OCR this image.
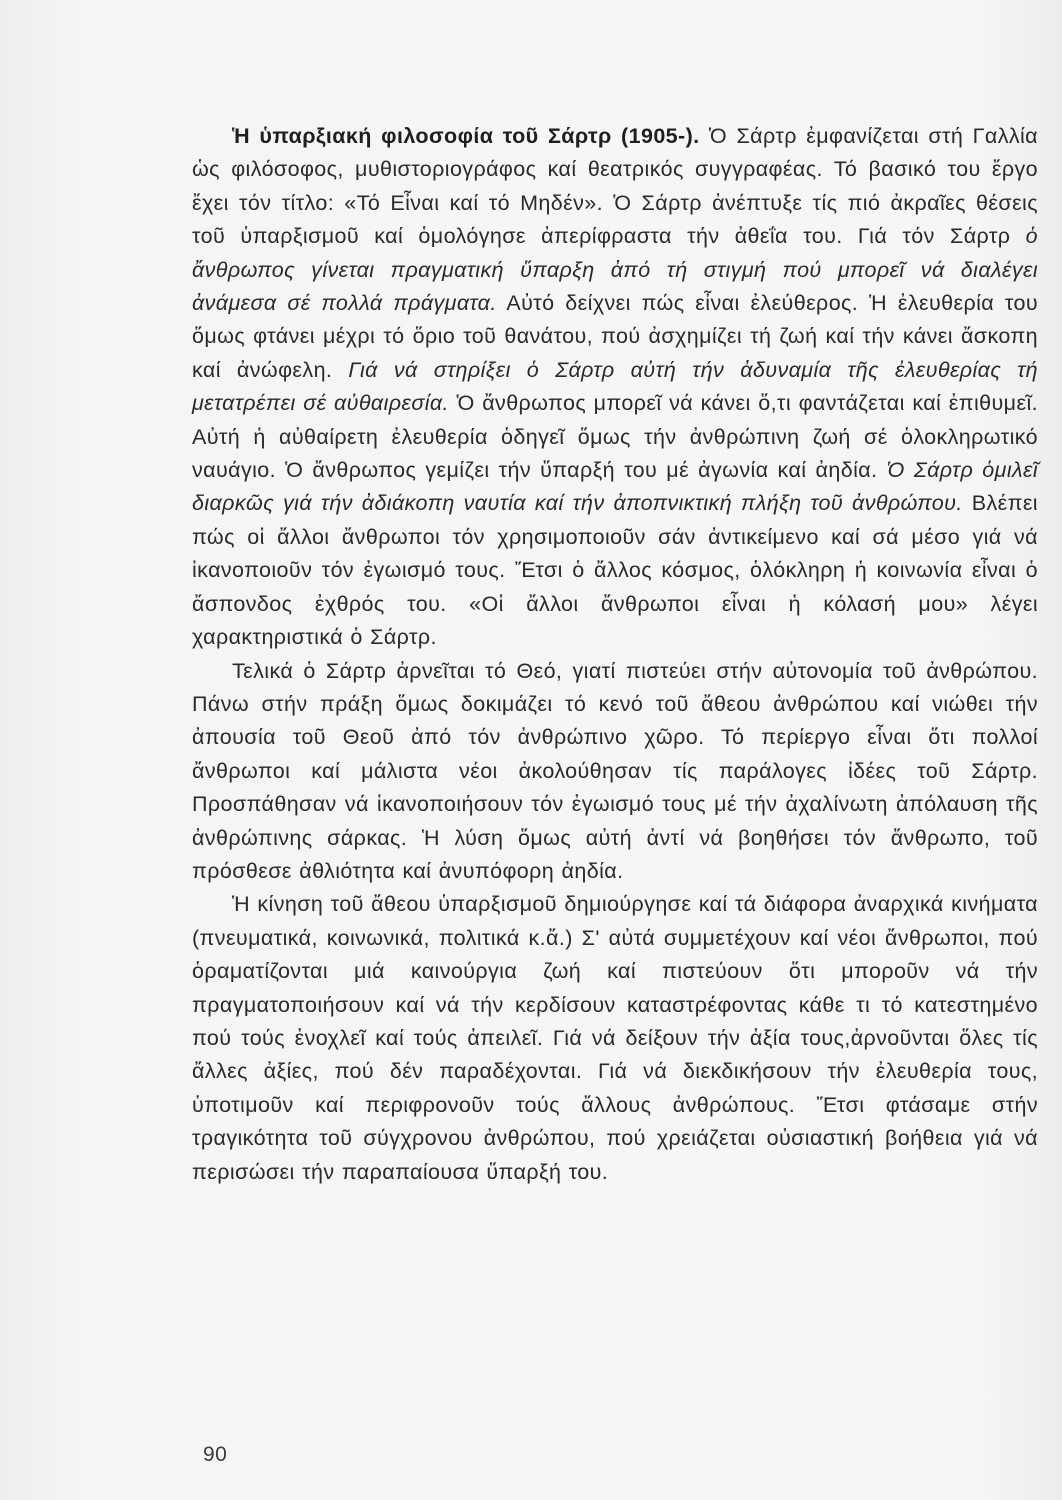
Ἡ ὑπαρξιακή φιλοσοφία τοῦ Σάρτρ (1905-). Ὁ Σάρτρ ἐμφανίζεται στή Γαλλία ὡς φιλόσοφος, μυθιστοριογράφος καί θεατρικός συγγραφέας. Τό βασικό του ἔργο ἔχει τόν τίτλο: «Τό Εἶναι καί τό Μηδέν». Ὁ Σάρτρ ἀνέπτυξε τίς πιό ἀκραῖες θέσεις τοῦ ὑπαρξισμοῦ καί ὁμολόγησε ἀπερίφραστα τήν ἀθεΐα του. Γιά τόν Σάρτρ ὁ ἄνθρωπος γίνεται πραγματική ὕπαρξη ἀπό τή στιγμή πού μπορεῖ νά διαλέγει ἀνάμεσα σέ πολλά πράγματα. Αὐτό δείχνει πώς εἶναι ἐλεύθερος. Ἡ ἐλευθερία του ὅμως φτάνει μέχρι τό ὅριο τοῦ θανάτου, πού ἀσχημίζει τή ζωή καί τήν κάνει ἄσκοπη καί ἀνώφελη. Γιά νά στηρίξει ὁ Σάρτρ αὐτή τήν ἀδυναμία τῆς ἐλευθερίας τή μετατρέπει σέ αὐθαιρεσία. Ὁ ἄνθρωπος μπορεῖ νά κάνει ὅ,τι φαντάζεται καί ἐπιθυμεῖ. Αὐτή ἡ αὐθαίρετη ἐλευθερία ὁδηγεῖ ὅμως τήν ἀνθρώπινη ζωή σέ ὁλοκληρωτικό ναυάγιο. Ὁ ἄνθρωπος γεμίζει τήν ὕπαρξή του μέ ἀγωνία καί ἀηδία. Ὁ Σάρτρ ὁμιλεῖ διαρκῶς γιά τήν ἀδιάκοπη ναυτία καί τήν ἀποπνικτική πλήξη τοῦ ἀνθρώπου. Βλέπει πώς οἱ ἄλλοι ἄνθρωποι τόν χρησιμοποιοῦν σάν ἀντικείμενο καί σά μέσο γιά νά ἱκανοποιοῦν τόν ἐγωισμό τους. Ἔτσι ὁ ἄλλος κόσμος, ὁλόκληρη ἡ κοινωνία εἶναι ὁ ἄσπονδος ἐχθρός του. «Οἱ ἄλλοι ἄνθρωποι εἶναι ἡ κόλασή μου» λέγει χαρακτηριστικά ὁ Σάρτρ.

Τελικά ὁ Σάρτρ ἀρνεῖται τό Θεό, γιατί πιστεύει στήν αὐτονομία τοῦ ἀνθρώπου. Πάνω στήν πράξη ὅμως δοκιμάζει τό κενό τοῦ ἄθεου ἀνθρώπου καί νιώθει τήν ἀπουσία τοῦ Θεοῦ ἀπό τόν ἀνθρώπινο χῶρο. Τό περίεργο εἶναι ὅτι πολλοί ἄνθρωποι καί μάλιστα νέοι ἀκολούθησαν τίς παράλογες ἰδέες τοῦ Σάρτρ. Προσπάθησαν νά ἱκανοποιήσουν τόν ἐγωισμό τους μέ τήν ἀχαλίνωτη ἀπόλαυση τῆς ἀνθρώπινης σάρκας. Ἡ λύση ὅμως αὐτή ἀντί νά βοηθήσει τόν ἄνθρωπο, τοῦ πρόσθεσε ἀθλιότητα καί ἀνυπόφορη ἀηδία.

Ἡ κίνηση τοῦ ἄθεου ὑπαρξισμοῦ δημιούργησε καί τά διάφορα ἀναρχικά κινήματα (πνευματικά, κοινωνικά, πολιτικά κ.ἄ.) Σ' αὐτά συμμετέχουν καί νέοι ἄνθρωποι, πού ὁραματίζονται μιά καινούργια ζωή καί πιστεύουν ὅτι μποροῦν νά τήν πραγματοποιήσουν καί νά τήν κερδίσουν καταστρέφοντας κάθε τι τό κατεστημένο πού τούς ἐνοχλεῖ καί τούς ἀπειλεῖ. Γιά νά δείξουν τήν ἀξία τους,ἀρνοῦνται ὅλες τίς ἄλλες ἀξίες, πού δέν παραδέχονται. Γιά νά διεκδικήσουν τήν ἐλευθερία τους, ὑποτιμοῦν καί περιφρονοῦν τούς ἄλλους ἀνθρώπους. Ἔτσι φτάσαμε στήν τραγικότητα τοῦ σύγχρονου ἀνθρώπου, πού χρειάζεται οὐσιαστική βοήθεια γιά νά περισώσει τήν παραπαίουσα ὕπαρξή του.

90
